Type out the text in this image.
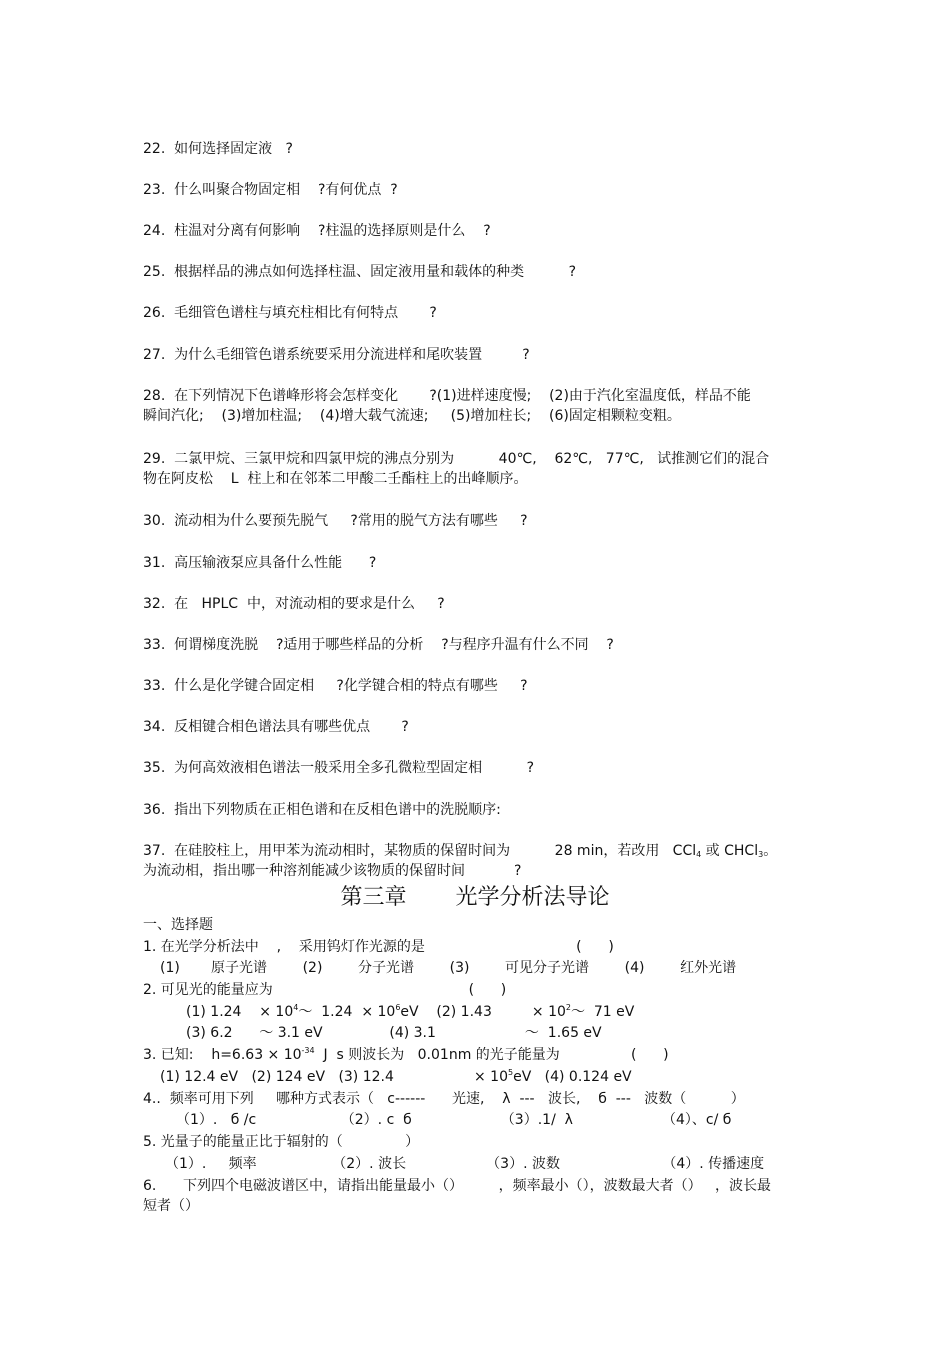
22.  如何选择固定液   ?
23.  什么叫聚合物固定相    ?有何优点  ?
24.  柱温对分离有何影响    ?柱温的选择原则是什么    ?
25.  根据样品的沸点如何选择柱温、固定液用量和载体的种类          ?
26.  毛细管色谱柱与填充柱相比有何特点       ?
27.  为什么毛细管色谱系统要采用分流进样和尾吹装置         ?
28.  在下列情况下色谱峰形将会怎样变化       ?(1)进样速度慢;    (2)由于汽化室温度低，样品不能
瞬间汽化;    (3)增加柱温;    (4)增大载气流速;     (5)增加柱长;    (6)固定相颗粒变粗。
29.  二氯甲烷、三氯甲烷和四氯甲烷的沸点分别为          40℃,    62℃,   77℃,   试推测它们的混合
物在阿皮松    L  柱上和在邻苯二甲酸二壬酯柱上的出峰顺序。
30.  流动相为什么要预先脱气     ?常用的脱气方法有哪些     ?
31.  高压输液泵应具备什么性能      ?
32.  在   HPLC  中，对流动相的要求是什么     ?
33.  何谓梯度洗脱    ?适用于哪些样品的分析    ?与程序升温有什么不同    ?
33.  什么是化学键合固定相     ?化学键合相的特点有哪些     ?
34.  反相键合相色谱法具有哪些优点       ?
35.  为何高效液相色谱法一般采用全多孔微粒型固定相          ?
36.  指出下列物质在正相色谱和在反相色谱中的洗脱顺序:
37.  在硅胶柱上，用甲苯为流动相时，某物质的保留时间为          28 min，若改用   CCl$_4$ 或 CHCl$_3$。
为流动相，指出哪一种溶剂能减少该物质的保留时间           ?
第三章       光学分析法导论
一、选择题
1. 在光学分析法中    ,    采用钨灯作光源的是                                  (      )
(1)       原子光谱        (2)        分子光谱        (3)        可见分子光谱        (4)        红外光谱
2. 可见光的能量应为                                            (      )
(1) 1.24    × $10^4\sim$  $1.24 \times 10^6eV$    (2) 1.43         × $10^2\sim$  71 eV
(3) 6.2      ～ 3.1 eV               (4) 3.1                    ～  1.65 eV
3. 已知:    $h=6.63 \times 10^{-34}$  J  s 则波长为   0.01nm 的光子能量为                (      )
(1) 12.4 eV   (2) 124 eV   (3) 12.4                  × $10^5eV$   (4) 0.124 eV
4..  频率可用下列     哪种方式表示（   c------      光速,    λ  ---   波长,    б  ---   波数（          ）
（1）.   б /c                   （2）. c  б                    （3）.1/  λ                    （4）、c/ б
5. 光量子的能量正比于辐射的（              ）
（1）.     频率                 （2）. 波长                  （3）. 波数                       （4）. 传播速度
6.      下列四个电磁波谱区中，请指出能量最小（）        ，频率最小（），波数最大者（）   ，波长最
短者（）
